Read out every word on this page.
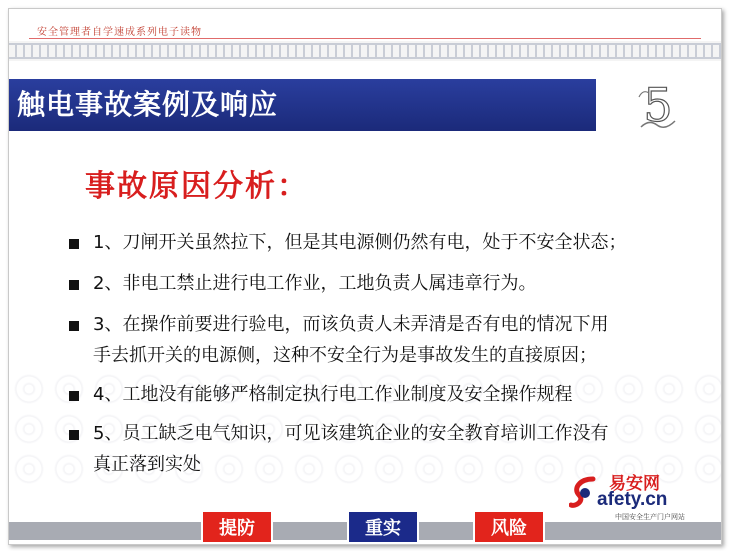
安全管理者自学速成系列电子读物
触电事故案例及响应	5
事故原因分析：
1、刀闸开关虽然拉下，但是其电源侧仍然有电，处于不安全状态；
2、非电工禁止进行电工作业，工地负责人属违章行为。
3、在操作前要进行验电，而该负责人未弄清是否有电的情况下用
手去抓开关的电源侧，这种不安全行为是事故发生的直接原因；
4、工地没有能够严格制定执行电工作业制度及安全操作规程
5、员工缺乏电气知识，可见该建筑企业的安全教育培训工作没有
真正落到实处
易安网
afety.cn
中国安全生产门户网站
提防	重实	风险
